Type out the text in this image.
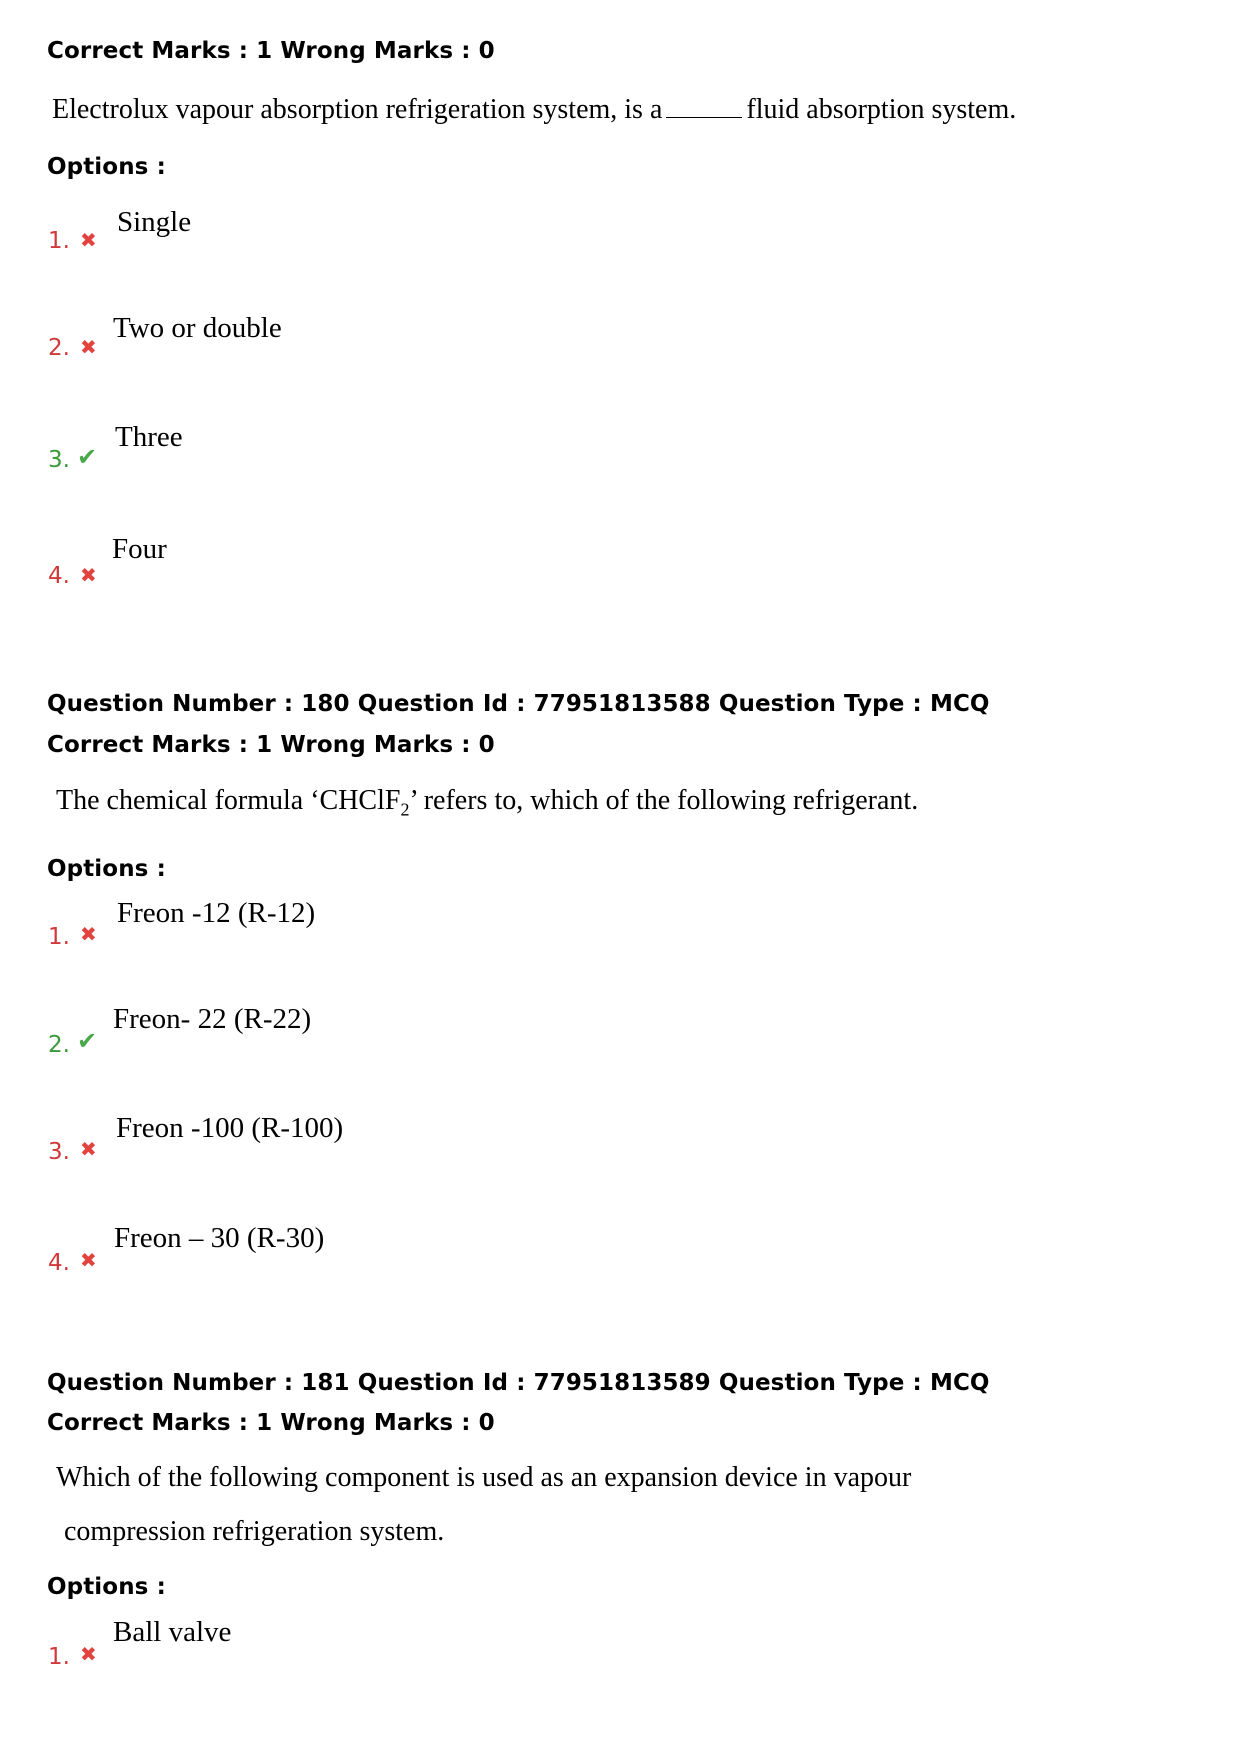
Correct Marks : 1 Wrong Marks : 0
Electrolux vapour absorption refrigeration system, is a	fluid absorption system.
Options :
1. ✖
Single
2. ✖
Two or double
3. ✔
Three
4. ✖
Four
Question Number : 180 Question Id : 77951813588 Question Type : MCQ
Correct Marks : 1 Wrong Marks : 0
The chemical formula ‘CHClF$_2$’ refers to, which of the following refrigerant.
Options :
1. ✖
Freon -12 (R-12)
2. ✔
Freon- 22 (R-22)
3. ✖
Freon -100 (R-100)
4. ✖
Freon – 30 (R-30)
Question Number : 181 Question Id : 77951813589 Question Type : MCQ
Correct Marks : 1 Wrong Marks : 0
Which of the following component is used as an expansion device in vapour
compression refrigeration system.
Options :
1. ✖
Ball valve
